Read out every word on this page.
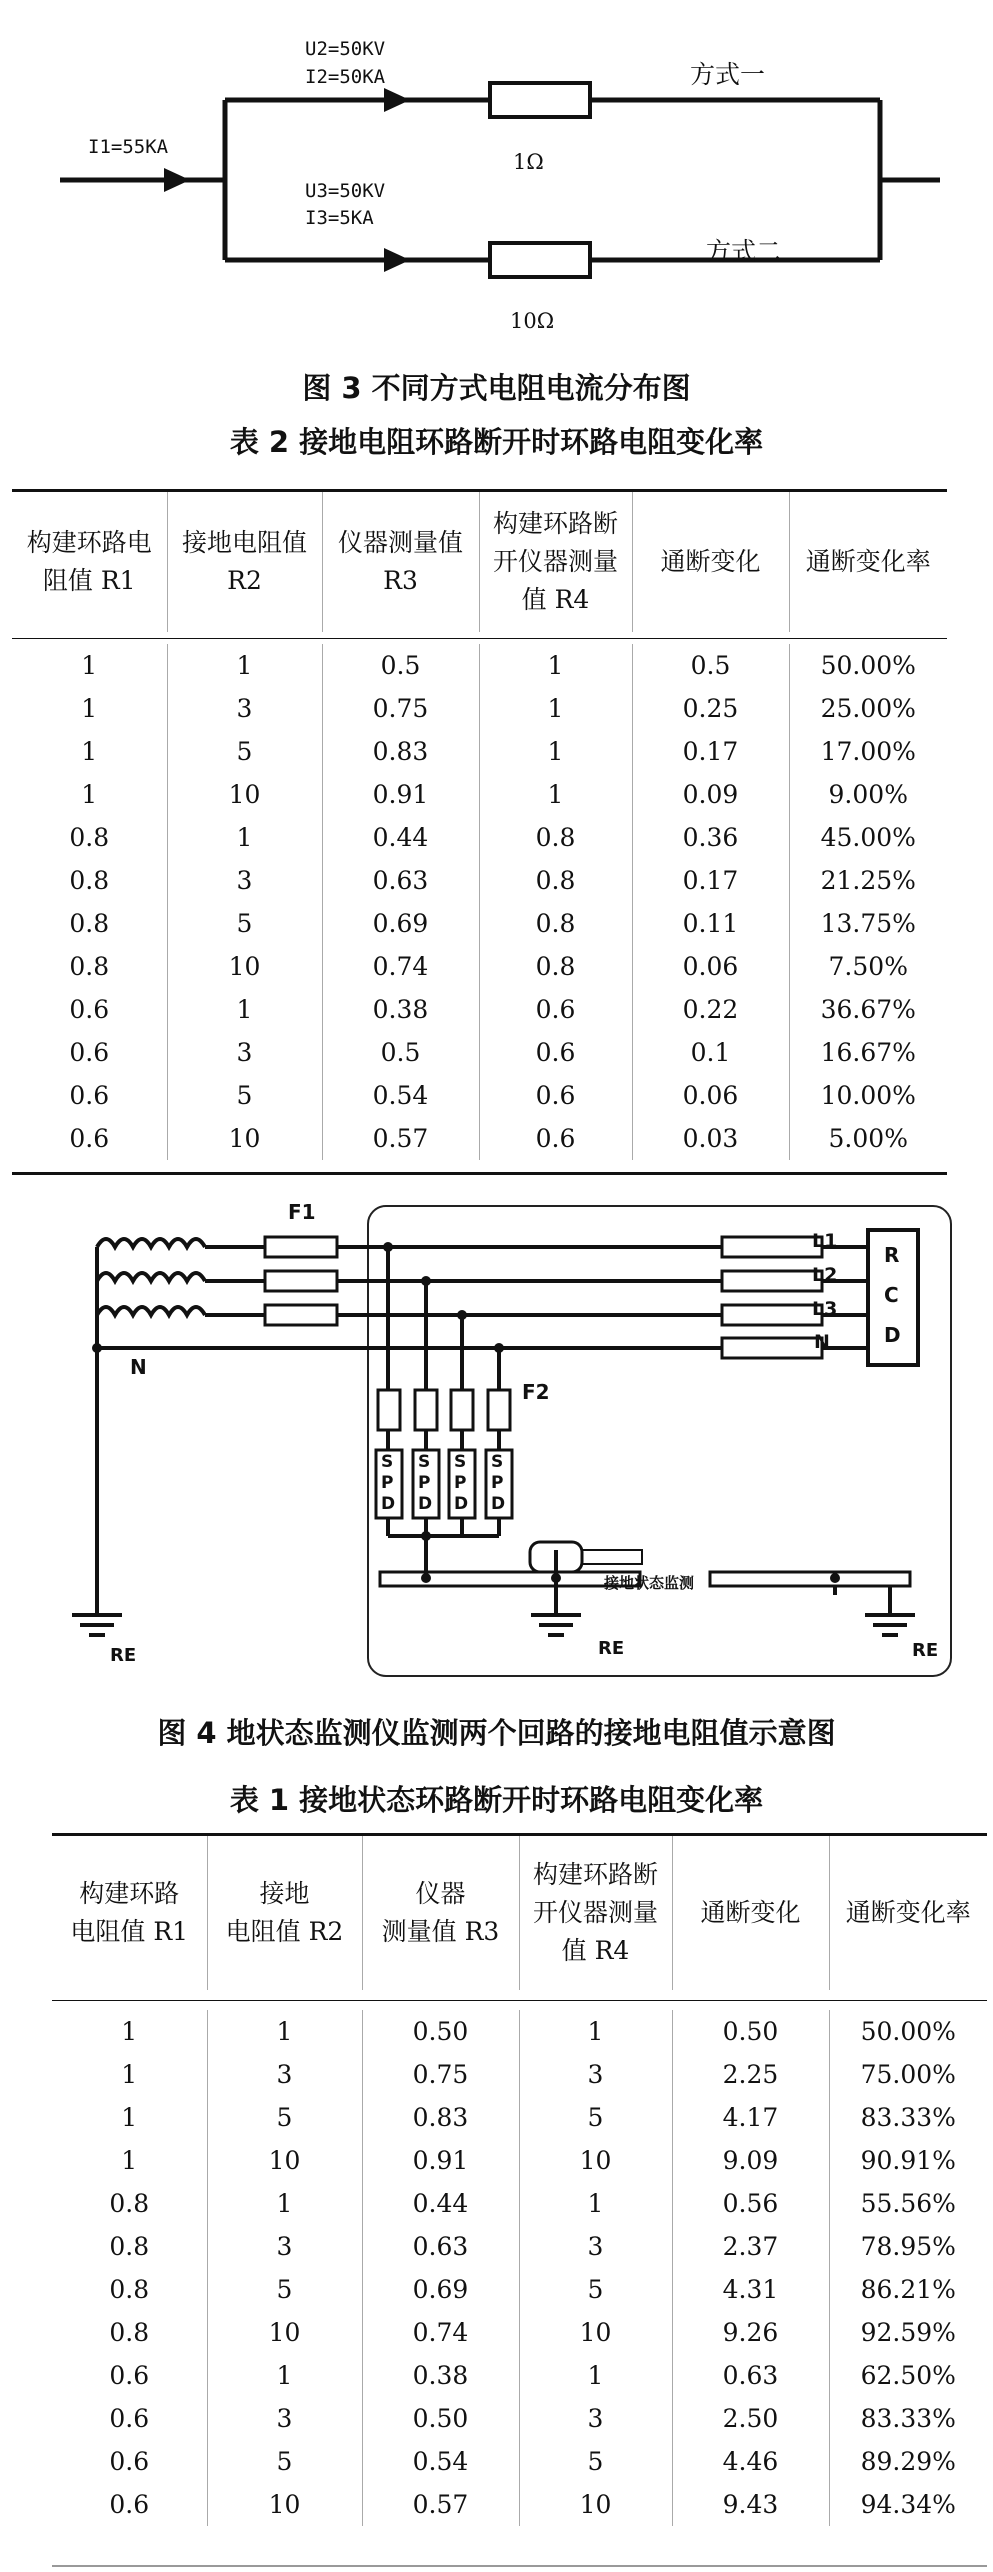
I1=55KA
U2=50KV
I2=50KA
1Ω
方式一
U3=50KV
I3=5KA
10Ω
方式二
图 3 不同方式电阻电流分布图
表 2 接地电阻环路断开时环路电阻变化率
构建环路电
阻值 R1	接地电阻值
R2	仪器测量值
R3	构建环路断
开仪器测量
值 R4	通断变化	通断变化率
1	1	0.5	1	0.5	50.00%
1	3	0.75	1	0.25	25.00%
1	5	0.83	1	0.17	17.00%
1	10	0.91	1	0.09	9.00%
0.8	1	0.44	0.8	0.36	45.00%
0.8	3	0.63	0.8	0.17	21.25%
0.8	5	0.69	0.8	0.11	13.75%
0.8	10	0.74	0.8	0.06	7.50%
0.6	1	0.38	0.6	0.22	36.67%
0.6	3	0.5	0.6	0.1	16.67%
0.6	5	0.54	0.6	0.06	10.00%
0.6	10	0.57	0.6	0.03	5.00%
F1
F2
N
RE	RE	RE
L1
L2
L3
N
R
C
D
S
P
D
S
P
D
S
P
D
S
P
D
接地状态监测
图 4 地状态监测仪监测两个回路的接地电阻值示意图
表 1 接地状态环路断开时环路电阻变化率
构建环路
电阻值 R1	接地
电阻值 R2	仪器
测量值 R3	构建环路断
开仪器测量
值 R4	通断变化	通断变化率
1	1	0.50	1	0.50	50.00%
1	3	0.75	3	2.25	75.00%
1	5	0.83	5	4.17	83.33%
1	10	0.91	10	9.09	90.91%
0.8	1	0.44	1	0.56	55.56%
0.8	3	0.63	3	2.37	78.95%
0.8	5	0.69	5	4.31	86.21%
0.8	10	0.74	10	9.26	92.59%
0.6	1	0.38	1	0.63	62.50%
0.6	3	0.50	3	2.50	83.33%
0.6	5	0.54	5	4.46	89.29%
0.6	10	0.57	10	9.43	94.34%
